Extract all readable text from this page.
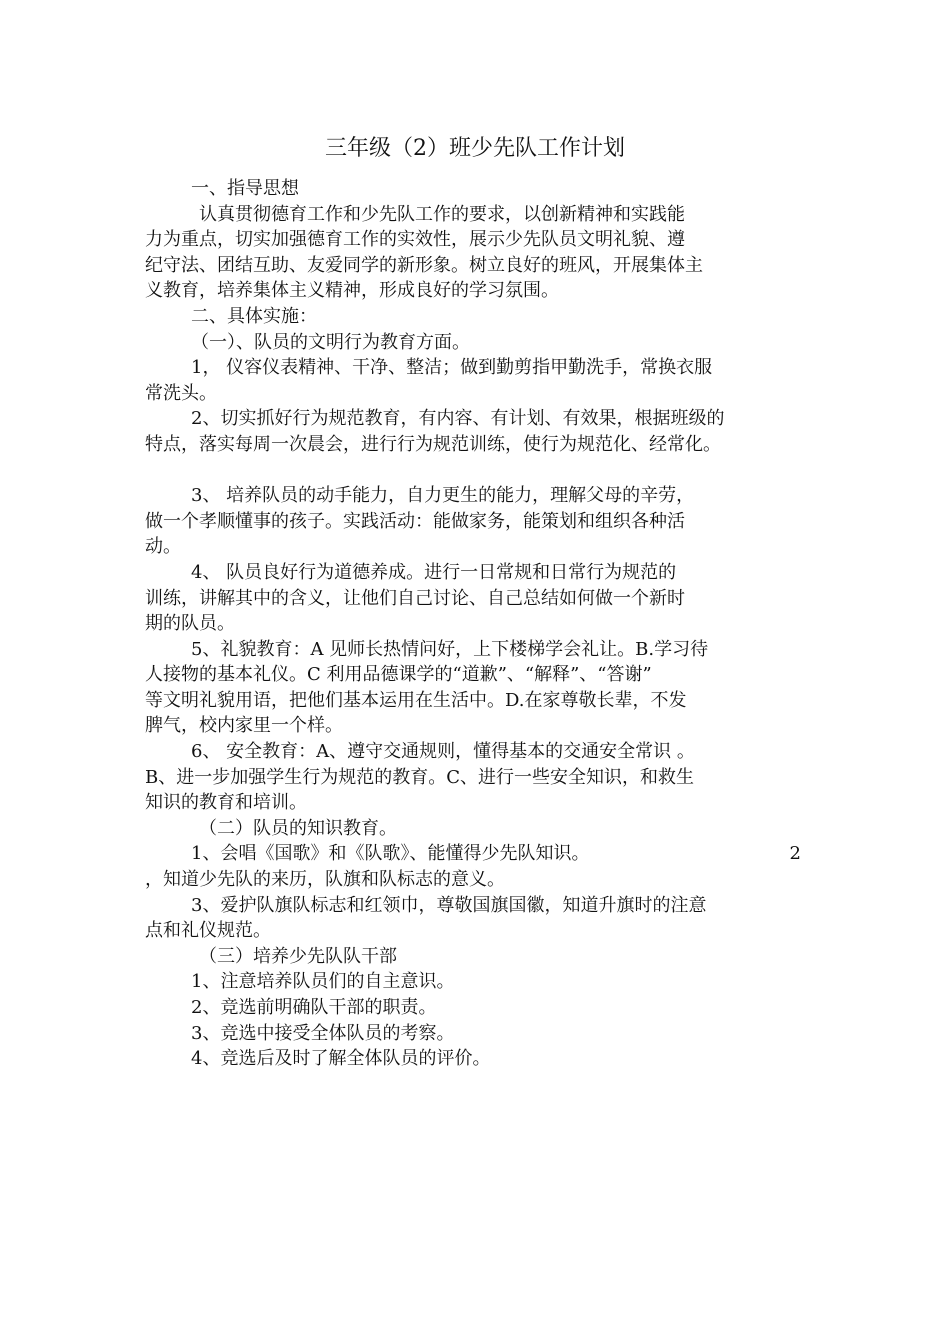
三年级（2）班少先队工作计划
一、指导思想
认真贯彻德育工作和少先队工作的要求，以创新精神和实践能
力为重点，切实加强德育工作的实效性，展示少先队员文明礼貌、遵
纪守法、团结互助、友爱同学的新形象。树立良好的班风，开展集体主
义教育，培养集体主义精神，形成良好的学习氛围。
二、具体实施：
（一）、队员的文明行为教育方面。
1， 仪容仪表精神、干净、整洁；做到勤剪指甲勤洗手，常换衣服
常洗头。
2、切实抓好行为规范教育，有内容、有计划、有效果，根据班级的
特点，落实每周一次晨会，进行行为规范训练，使行为规范化、经常化。
3、 培养队员的动手能力，自力更生的能力，理解父母的辛劳，
做一个孝顺懂事的孩子。实践活动：能做家务，能策划和组织各种活
动。
4、 队员良好行为道德养成。进行一日常规和日常行为规范的
训练，讲解其中的含义，让他们自己讨论、自己总结如何做一个新时
期的队员。
5、礼貌教育：A 见师长热情问好，上下楼梯学会礼让。B.学习待
人接物的基本礼仪。C 利用品德课学的“道歉”、“解释”、“答谢”
等文明礼貌用语，把他们基本运用在生活中。D.在家尊敬长辈，不发
脾气，校内家里一个样。
6、 安全教育：A、遵守交通规则，懂得基本的交通安全常识 。
B、进一步加强学生行为规范的教育。C、进行一些安全知识，和救生
知识的教育和培训。
（二）队员的知识教育。
1、会唱《国歌》和《队歌》、能懂得少先队知识。	2
，知道少先队的来历，队旗和队标志的意义。
3、爱护队旗队标志和红领巾，尊敬国旗国徽，知道升旗时的注意
点和礼仪规范。
（三）培养少先队队干部
1、注意培养队员们的自主意识。
2、竞选前明确队干部的职责。
3、竞选中接受全体队员的考察。
4、竞选后及时了解全体队员的评价。
